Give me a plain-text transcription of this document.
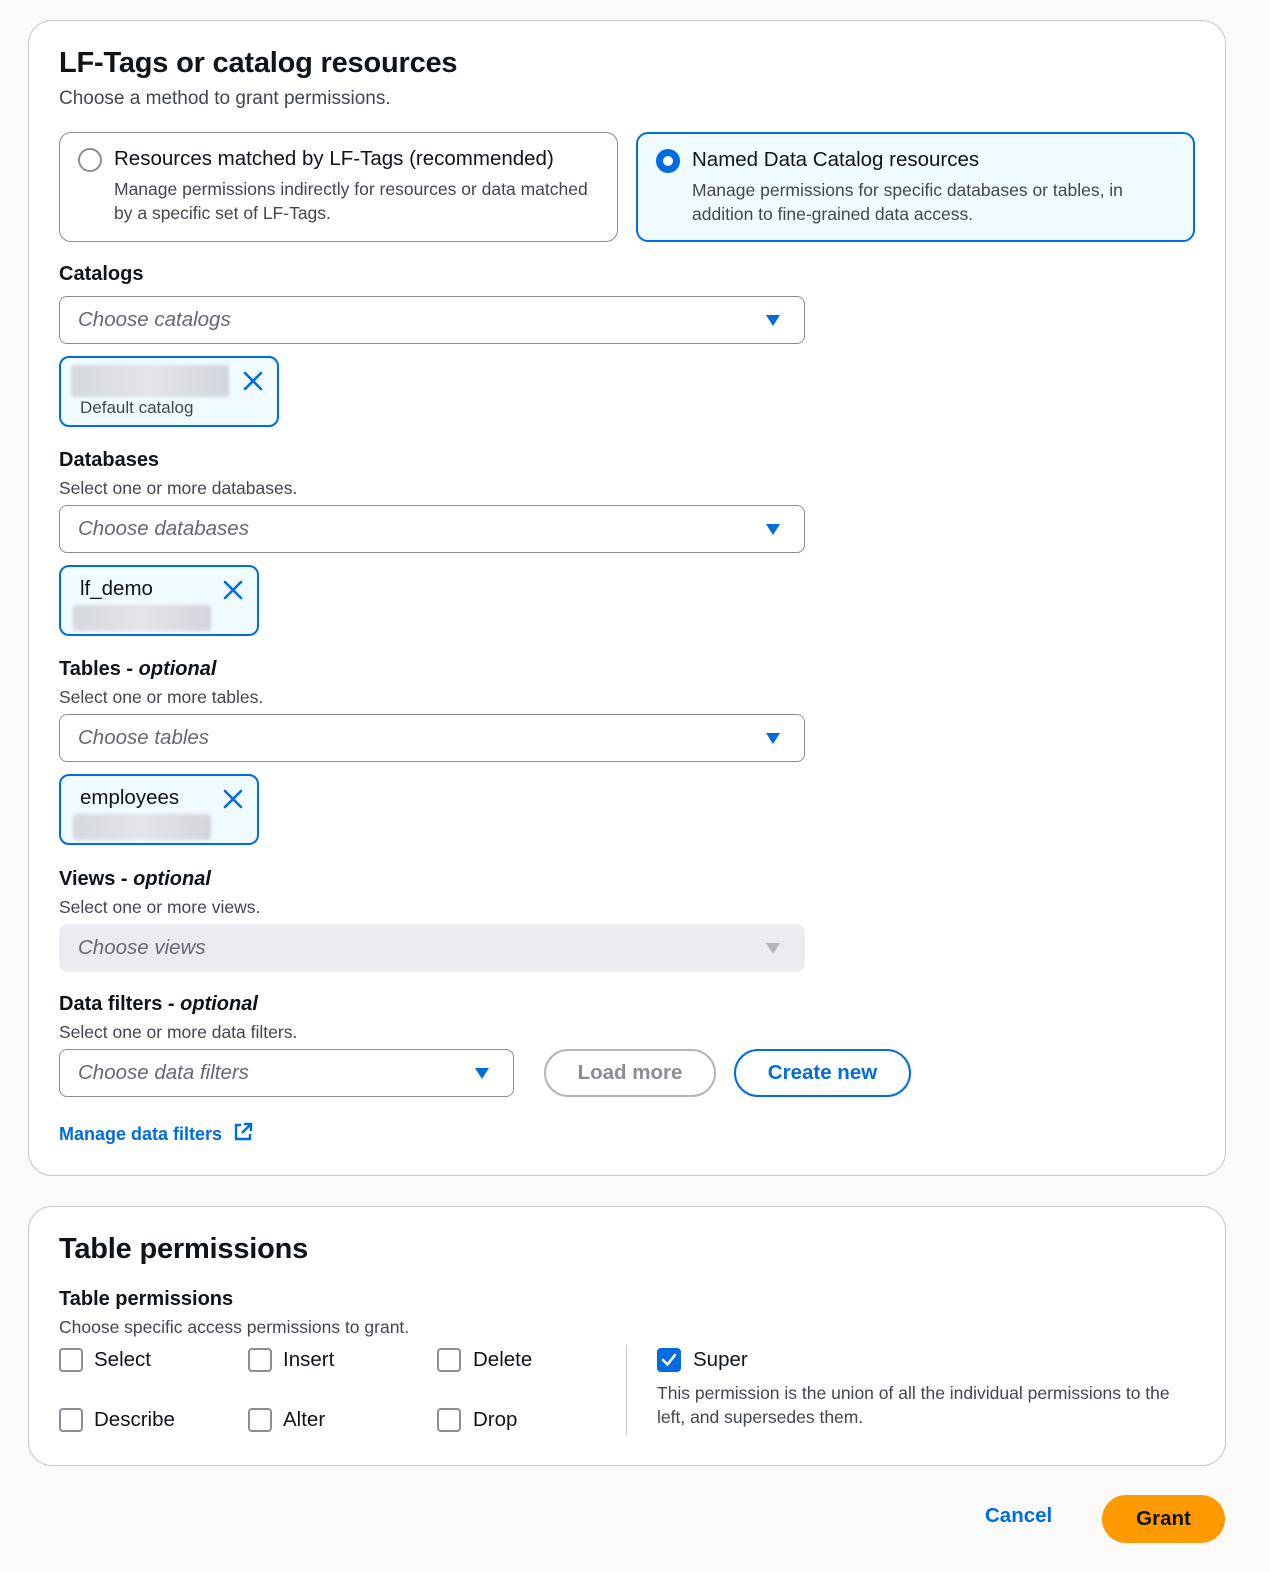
LF-Tags or catalog resources
Choose a method to grant permissions.
Resources matched by LF-Tags (recommended)
Manage permissions indirectly for resources or data matched by a specific set of LF-Tags.
Named Data Catalog resources
Manage permissions for specific databases or tables, in addition to fine-grained data access.
Catalogs
Choose catalogs
Default catalog
Databases
Select one or more databases.
Choose databases
lf_demo
Tables - optional
Select one or more tables.
Choose tables
employees
Views - optional
Select one or more views.
Choose views
Data filters - optional
Select one or more data filters.
Choose data filters	Load more	Create new
Manage data filters
Table permissions
Table permissions
Choose specific access permissions to grant.
Select	Insert	Delete
Describe	Alter	Drop
Super
This permission is the union of all the individual permissions to the left, and supersedes them.
Cancel	Grant
